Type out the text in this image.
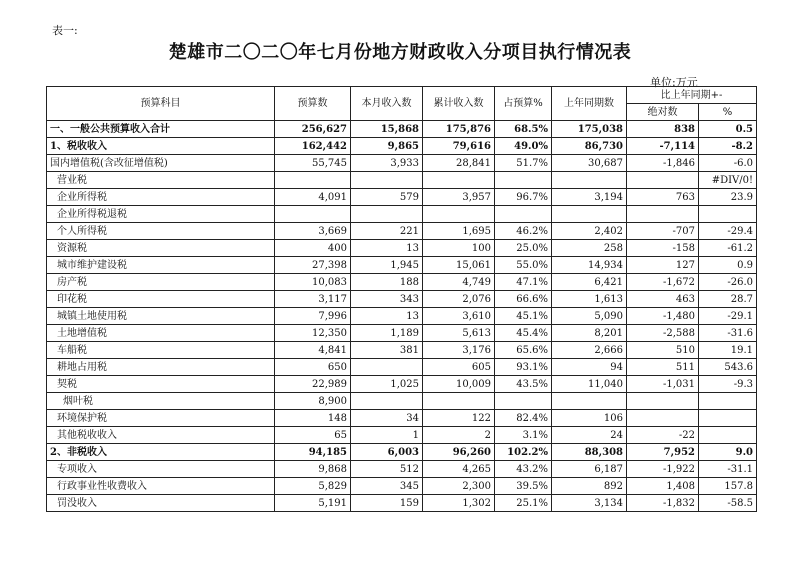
表一:
楚雄市二〇二〇年七月份地方财政收入分项目执行情况表
单位:万元
预算科目	预算数	本月收入数	累计收入数	占预算%	上年同期数	比上年同期+-	
						绝对数	%
一、一般公共预算收入合计	256,627	15,868	175,876	68.5%	175,038	838	0.5
1、税收收入	162,442	9,865	79,616	49.0%	86,730	-7,114	-8.2
国内增值税(含改征增值税)	55,745	3,933	28,841	51.7%	30,687	-1,846	-6.0
营业税							#DIV/0!
企业所得税	4,091	579	3,957	96.7%	3,194	763	23.9
企业所得税退税							
个人所得税	3,669	221	1,695	46.2%	2,402	-707	-29.4
资源税	400	13	100	25.0%	258	-158	-61.2
城市维护建设税	27,398	1,945	15,061	55.0%	14,934	127	0.9
房产税	10,083	188	4,749	47.1%	6,421	-1,672	-26.0
印花税	3,117	343	2,076	66.6%	1,613	463	28.7
城镇土地使用税	7,996	13	3,610	45.1%	5,090	-1,480	-29.1
土地增值税	12,350	1,189	5,613	45.4%	8,201	-2,588	-31.6
车船税	4,841	381	3,176	65.6%	2,666	510	19.1
耕地占用税	650		605	93.1%	94	511	543.6
契税	22,989	1,025	10,009	43.5%	11,040	-1,031	-9.3
烟叶税	8,900						
环境保护税	148	34	122	82.4%	106		
其他税收收入	65	1	2	3.1%	24	-22	
2、非税收入	94,185	6,003	96,260	102.2%	88,308	7,952	9.0
专项收入	9,868	512	4,265	43.2%	6,187	-1,922	-31.1
行政事业性收费收入	5,829	345	2,300	39.5%	892	1,408	157.8
罚没收入	5,191	159	1,302	25.1%	3,134	-1,832	-58.5
